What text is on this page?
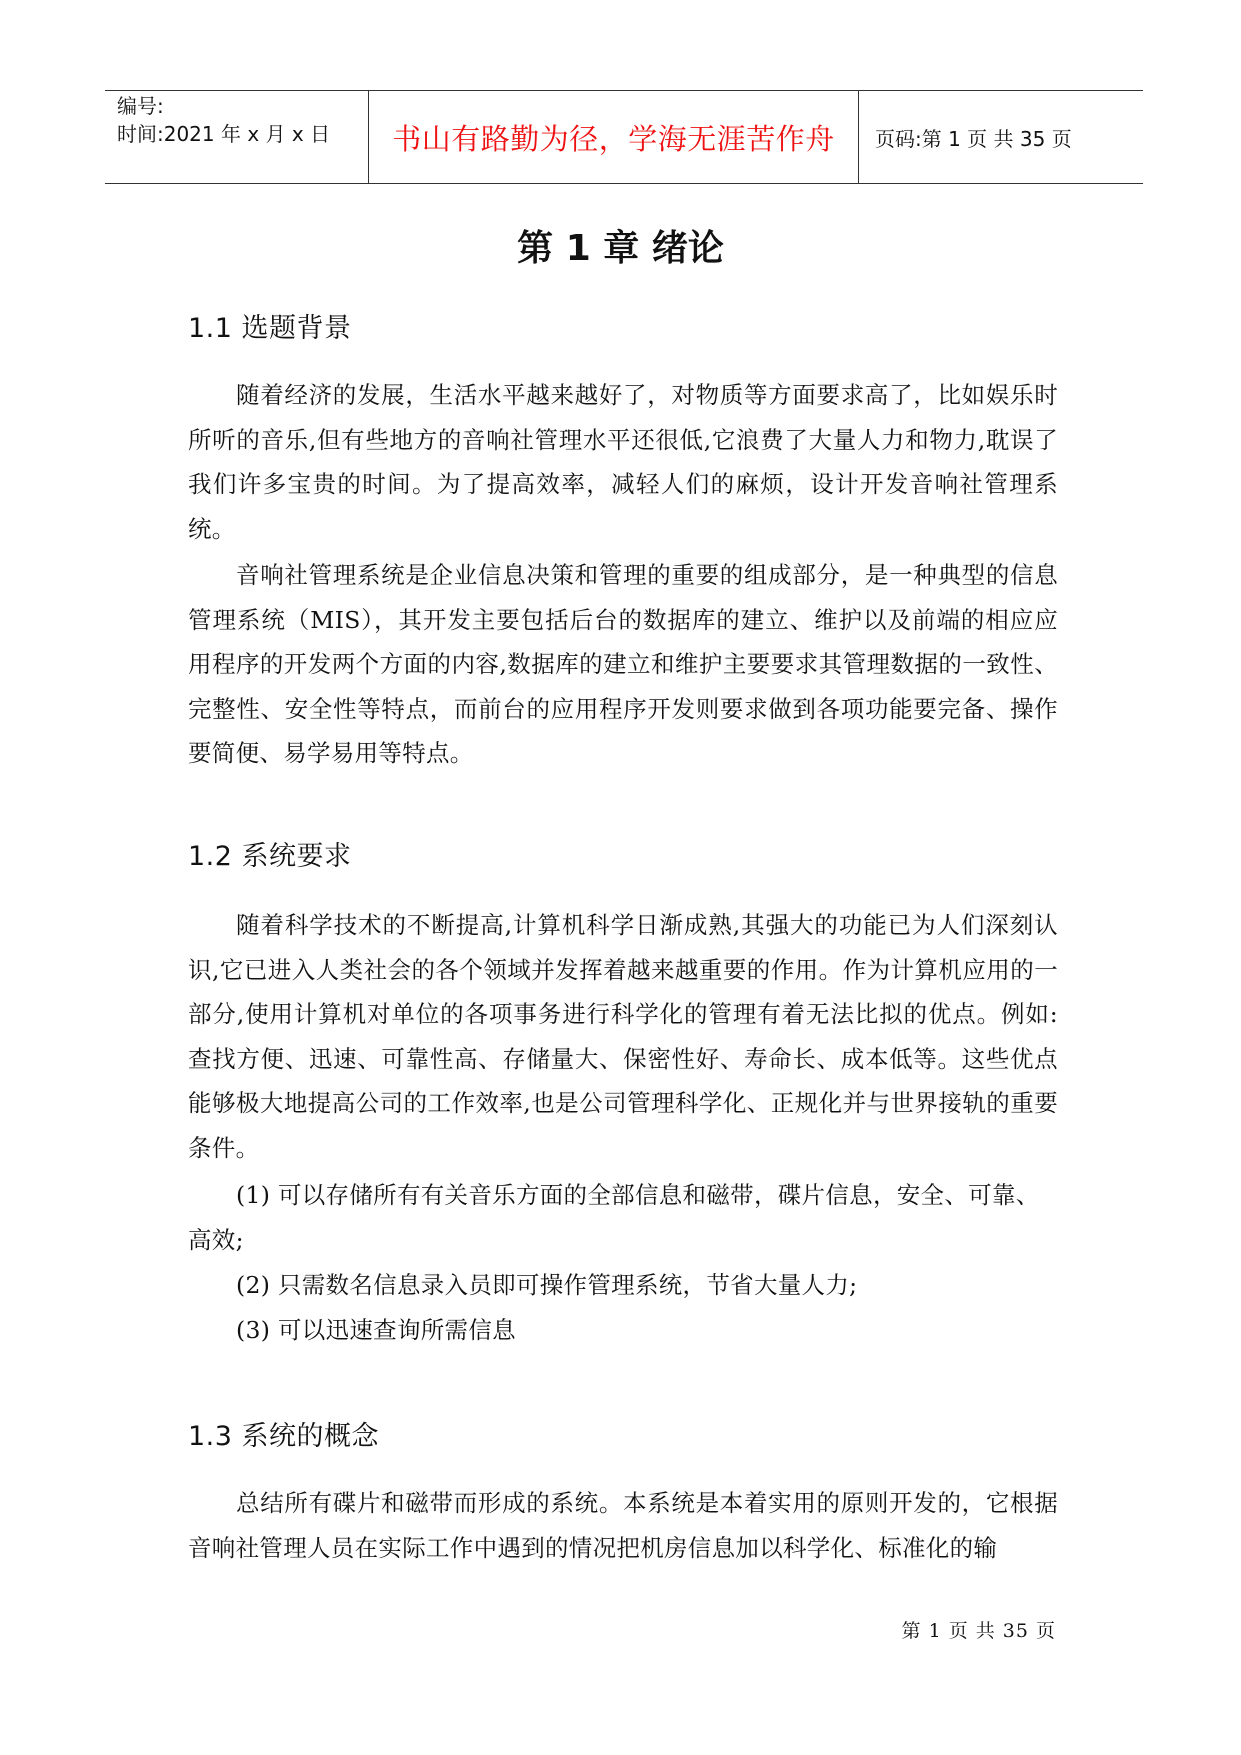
编号:
时间:2021 年 x 月 x 日	书山有路勤为径，学海无涯苦作舟	页码:第 1 页 共 35 页
第 1 章 绪论
1.1 选题背景
随着经济的发展，生活水平越来越好了，对物质等方面要求高了，比如娱乐时所听的音乐,但有些地方的音响社管理水平还很低,它浪费了大量人力和物力,耽误了我们许多宝贵的时间。为了提高效率，减轻人们的麻烦，设计开发音响社管理系统。
音响社管理系统是企业信息决策和管理的重要的组成部分，是一种典型的信息管理系统（MIS），其开发主要包括后台的数据库的建立、维护以及前端的相应应用程序的开发两个方面的内容,数据库的建立和维护主要要求其管理数据的一致性、完整性、安全性等特点，而前台的应用程序开发则要求做到各项功能要完备、操作要简便、易学易用等特点。
1.2 系统要求
随着科学技术的不断提高,计算机科学日渐成熟,其强大的功能已为人们深刻认识,它已进入人类社会的各个领域并发挥着越来越重要的作用。作为计算机应用的一部分,使用计算机对单位的各项事务进行科学化的管理有着无法比拟的优点。例如:查找方便、迅速、可靠性高、存储量大、保密性好、寿命长、成本低等。这些优点能够极大地提高公司的工作效率,也是公司管理科学化、正规化并与世界接轨的重要条件。
(1) 可以存储所有有关音乐方面的全部信息和磁带，碟片信息，安全、可靠、高效;
(2) 只需数名信息录入员即可操作管理系统，节省大量人力;
(3) 可以迅速查询所需信息
1.3 系统的概念
总结所有碟片和磁带而形成的系统。本系统是本着实用的原则开发的，它根据音响社管理人员在实际工作中遇到的情况把机房信息加以科学化、标准化的输
第 1 页 共 35 页
